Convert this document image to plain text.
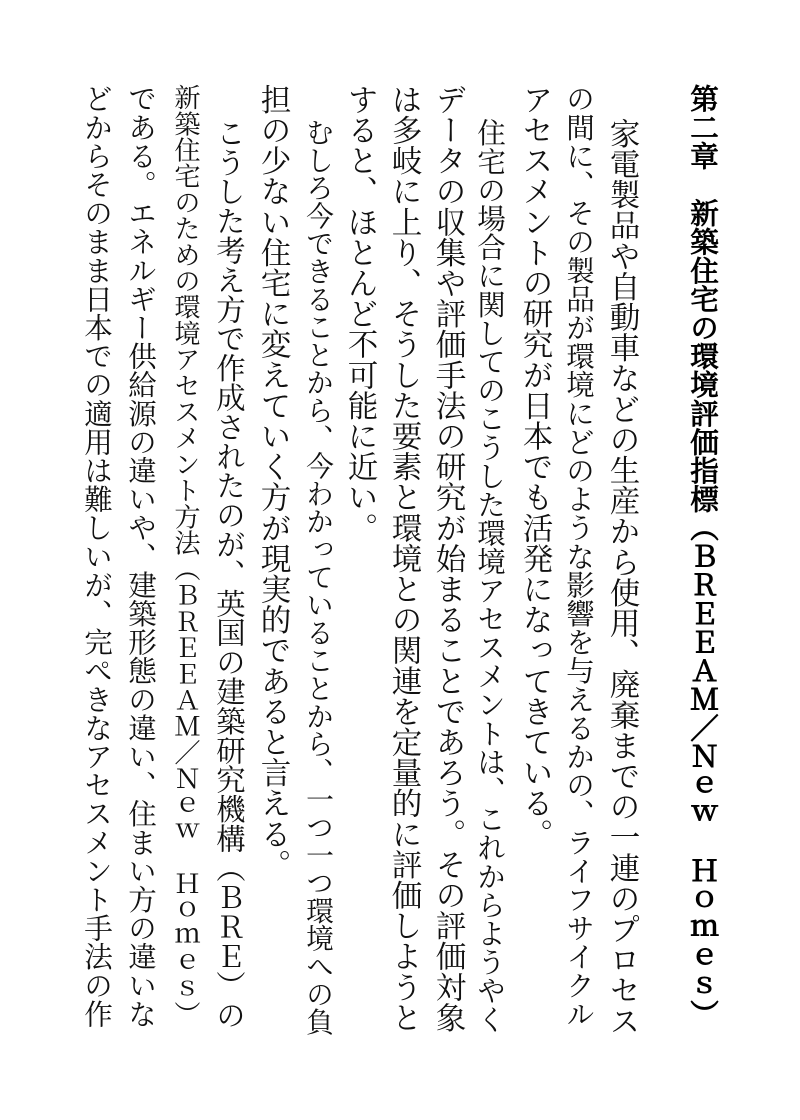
第二章　新築住宅の環境評価指標（ＢＲＥＥＡＭ／Ｎｅｗ　Ｈｏｍｅｓ）
家電製品や自動車などの生産から使用、廃棄までの一連のプロセス
の間に、その製品が環境にどのような影響を与えるかの、ライフサイクル
アセスメントの研究が日本でも活発になってきている。
住宅の場合に関してのこうした環境アセスメントは、これからようやく
データの収集や評価手法の研究が始まることであろう。その評価対象
は多岐に上り、そうした要素と環境との関連を定量的に評価しようと
すると、ほとんど不可能に近い。
むしろ今できることから、今わかっていることから、一つ一つ環境への負
担の少ない住宅に変えていく方が現実的であると言える。
こうした考え方で作成されたのが、英国の建築研究機構（ＢＲＥ）の
新築住宅のための環境アセスメント方法（ＢＲＥＥＡＭ／Ｎｅｗ　Ｈｏｍｅｓ）
である。エネルギー供給源の違いや、建築形態の違い、住まい方の違いな
どからそのまま日本での適用は難しいが、完ぺきなアセスメント手法の作
